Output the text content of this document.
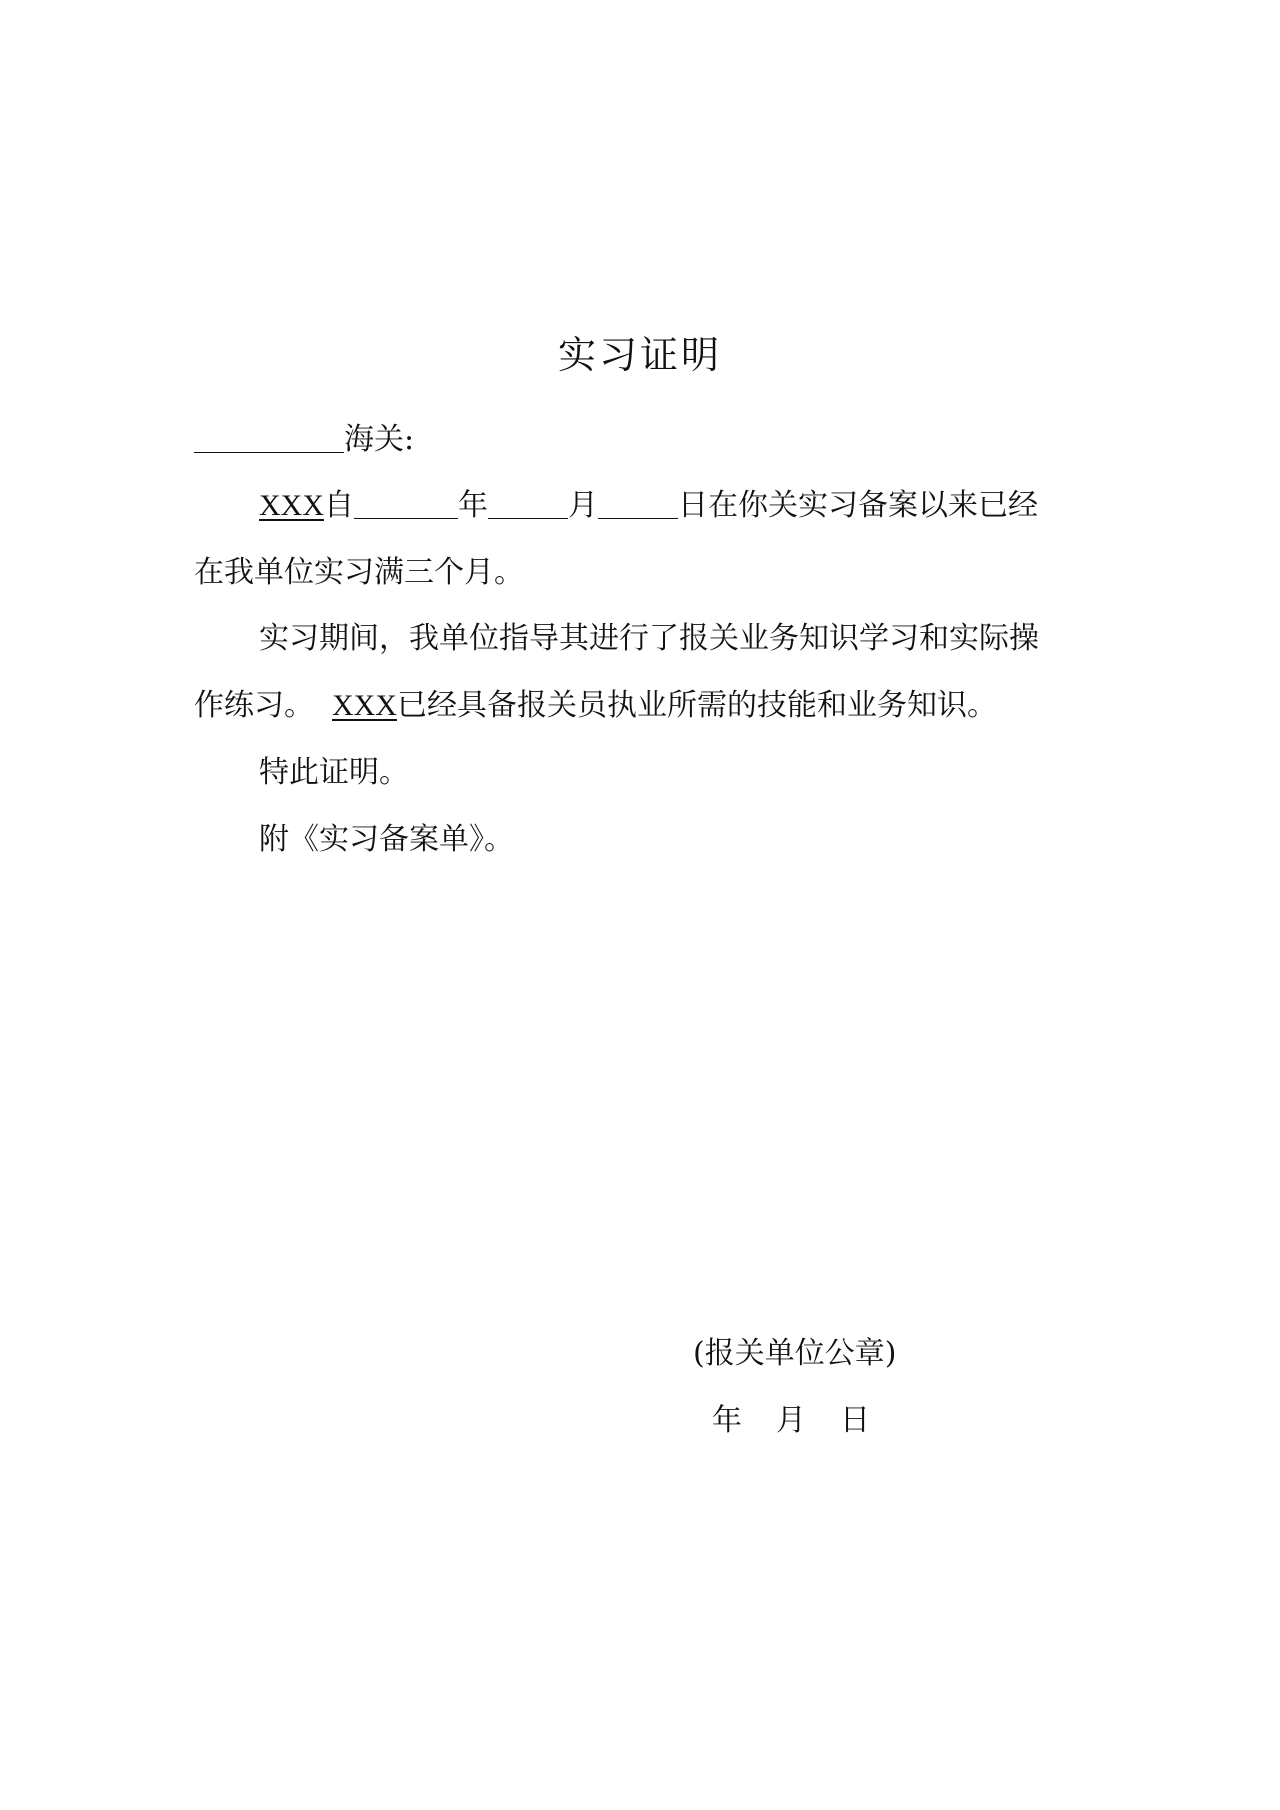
实习证明
海关:
XXX自	年	月	日在你关实习备案以来已经
在我单位实习满三个月。
实习期间，我单位指导其进行了报关业务知识学习和实际操
作练习。 XXX已经具备报关员执业所需的技能和业务知识。
特此证明。
附《实习备案单》。
(报关单位公章)
年 月 日
